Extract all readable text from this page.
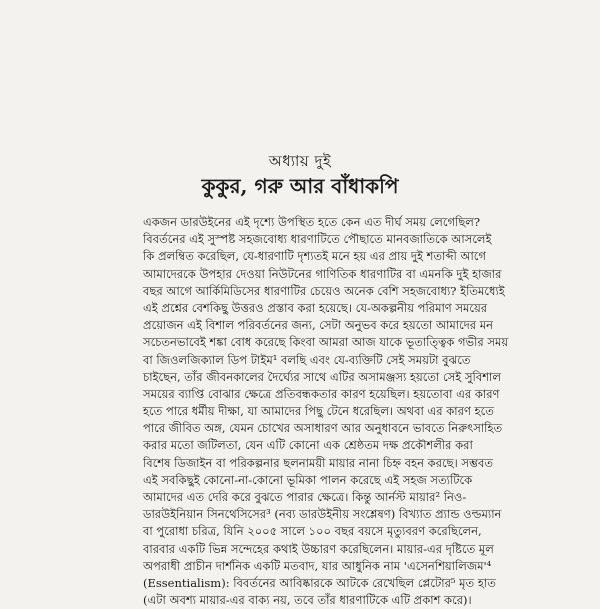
অধ্যায় দুই
কুকুর, গরু আর বাঁধাকপি
একজন ডারউইনের এই দৃশ্যে উপস্থিত হতে কেন এত দীর্ঘ সময় লেগেছিল?
বিবর্তনের এই সুস্পষ্ট সহজবোধ্য ধারণাটিতে পৌছাতে মানবজাতিকে আসলেই
কি প্রলম্বিত করেছিল, যে-ধারণাটি দৃশ্যতই মনে হয় এর প্রায় দুই শতাব্দী আগে
আমাদেরকে উপহার দেওয়া নিউটনের গাণিতিক ধারণাটির বা এমনকি দুই হাজার
বছর আগে আর্কিমিডিসের ধারণাটির চেয়েও অনেক বেশি সহজবোধ্য? ইতিমধ্যেই
এই প্রশ্নের বেশকিছু উত্তরও প্রস্তাব করা হয়েছে। যে-অকল্পনীয় পরিমাণ সময়ের
প্রয়োজন এই বিশাল পরিবর্তনের জন্য, সেটা অনুভব করে হয়তো আমাদের মন
সচেতনভাবেই শঙ্কা বোধ করেছে কিংবা আমরা আজ যাকে ভূতাত্ত্বিক গভীর সময়
বা জিওলজিক্যাল ডিপ টাইম¹ বলছি এবং যে-ব্যক্তিটি সেই সময়টা বুঝতে
চাইছেন, তাঁর জীবনকালের দৈর্ঘ্যের সাথে এটির অসামঞ্জস্য হয়তো সেই সুবিশাল
সময়ের ব্যাপ্তি বোঝার ক্ষেত্রে প্রতিবন্ধকতার কারণ হয়েছিল। হয়তোবা এর কারণ
হতে পারে ধর্মীয় দীক্ষা, যা আমাদের পিছু টেনে ধরেছিল। অথবা এর কারণ হতে
পারে জীবিত অঙ্গ, যেমন চোখের অসাধারণ আর অনুধাবনে ভাবতে নিরুৎসাহিত
করার মতো জটিলতা, যেন এটি কোনো এক শ্রেষ্ঠতম দক্ষ প্রকৌশলীর করা
বিশেষ ডিজাইন বা পরিকল্পনার ছলনাময়ী মায়ার নানা চিহ্ন বহন করছে। সম্ভবত
এই সবকিছুই কোনো-না-কোনো ভূমিকা পালন করেছে এই সহজ সত্যটিকে
আমাদের এত দেরি করে বুঝতে পারার ক্ষেত্রে। কিন্তু আর্নস্ট মায়ার² নিও-
ডারউইনিয়ান সিনথেসিসের³ (নব্য ডারউইনীয় সংশ্লেষণ) বিখ্যাত প্র্যান্ড ওল্ডম্যান
বা পুরোধা চরিত্র, যিনি ২০০৫ সালে ১০০ বছর বয়সে মৃত্যুবরণ করেছিলেন,
বারবার একটি ভিন্ন সন্দেহের কথাই উচ্চারণ করেছিলেন। মায়ার-এর দৃষ্টিতে মূল
অপরাধী প্রাচীন দার্শনিক একটি মতবাদ, যার আধুনিক নাম 'এসেনশিয়ালিজম'⁴
(Essentialism): বিবর্তনের আবিষ্কারকে আটকে রেখেছিল প্লেটোর⁵ মৃত হাত
(এটা অবশ্য মায়ার-এর বাক্য নয়, তবে তাঁর ধারণাটিকে এটি প্রকাশ করে)।
